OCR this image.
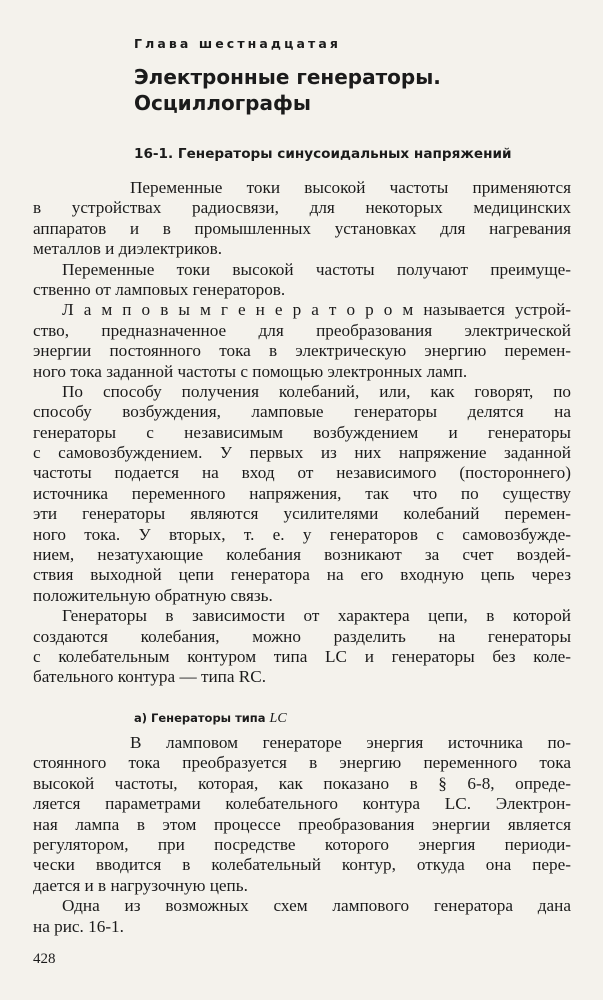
Глава шестнадцатая
Электронные генераторы.
Осциллографы
16-1. Генераторы синусоидальных напряжений
Переменные токи высокой частоты применяются
в устройствах радиосвязи, для некоторых медицинских
аппаратов и в промышленных установках для нагревания
металлов и диэлектриков.
Переменные токи высокой частоты получают преимуще-
ственно от ламповых генераторов.
Л а м п о в ы м г е н е р а т о р о м называется устрой-
ство, предназначенное для преобразования электрической
энергии постоянного тока в электрическую энергию перемен-
ного тока заданной частоты с помощью электронных ламп.
По способу получения колебаний, или, как говорят, по
способу возбуждения, ламповые генераторы делятся на
генераторы с независимым возбуждением и генераторы
с самовозбуждением. У первых из них напряжение заданной
частоты подается на вход от независимого (постороннего)
источника переменного напряжения, так что по существу
эти генераторы являются усилителями колебаний перемен-
ного тока. У вторых, т. е. у генераторов с самовозбужде-
нием, незатухающие колебания возникают за счет воздей-
ствия выходной цепи генератора на его входную цепь через
положительную обратную связь.
Генераторы в зависимости от характера цепи, в которой
создаются колебания, можно разделить на генераторы
с колебательным контуром типа LC и генераторы без коле-
бательного контура — типа RC.
а) Генераторы типа LC
В ламповом генераторе энергия источника по-
стоянного тока преобразуется в энергию переменного тока
высокой частоты, которая, как показано в § 6-8, опреде-
ляется параметрами колебательного контура LC. Электрон-
ная лампа в этом процессе преобразования энергии является
регулятором, при посредстве которого энергия периоди-
чески вводится в колебательный контур, откуда она пере-
дается и в нагрузочную цепь.
Одна из возможных схем лампового генератора дана
на рис. 16-1.
428
